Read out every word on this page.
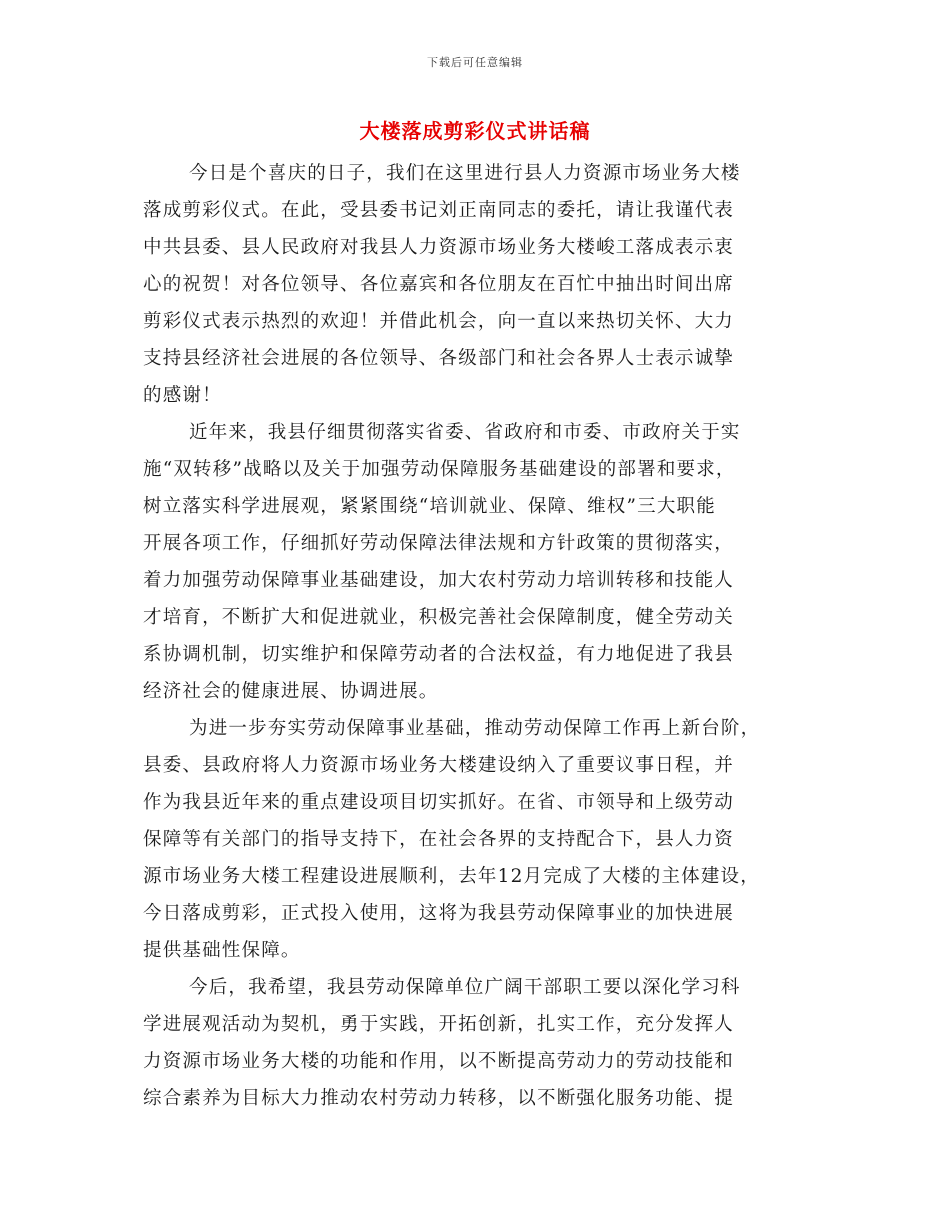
下载后可任意编辑
大楼落成剪彩仪式讲话稿
今日是个喜庆的日子，我们在这里进行县人力资源市场业务大楼
落成剪彩仪式。在此，受县委书记刘正南同志的委托，请让我谨代表
中共县委、县人民政府对我县人力资源市场业务大楼峻工落成表示衷
心的祝贺！对各位领导、各位嘉宾和各位朋友在百忙中抽出时间出席
剪彩仪式表示热烈的欢迎！并借此机会，向一直以来热切关怀、大力
支持县经济社会进展的各位领导、各级部门和社会各界人士表示诚挚
的感谢！
近年来，我县仔细贯彻落实省委、省政府和市委、市政府关于实
施“双转移”战略以及关于加强劳动保障服务基础建设的部署和要求，
树立落实科学进展观，紧紧围绕“培训就业、保障、维权”三大职能
开展各项工作，仔细抓好劳动保障法律法规和方针政策的贯彻落实，
着力加强劳动保障事业基础建设，加大农村劳动力培训转移和技能人
才培育，不断扩大和促进就业，积极完善社会保障制度，健全劳动关
系协调机制，切实维护和保障劳动者的合法权益，有力地促进了我县
经济社会的健康进展、协调进展。
为进一步夯实劳动保障事业基础，推动劳动保障工作再上新台阶，
县委、县政府将人力资源市场业务大楼建设纳入了重要议事日程，并
作为我县近年来的重点建设项目切实抓好。在省、市领导和上级劳动
保障等有关部门的指导支持下，在社会各界的支持配合下，县人力资
源市场业务大楼工程建设进展顺利，去年12月完成了大楼的主体建设，
今日落成剪彩，正式投入使用，这将为我县劳动保障事业的加快进展
提供基础性保障。
今后，我希望，我县劳动保障单位广阔干部职工要以深化学习科
学进展观活动为契机，勇于实践，开拓创新，扎实工作，充分发挥人
力资源市场业务大楼的功能和作用，以不断提高劳动力的劳动技能和
综合素养为目标大力推动农村劳动力转移，以不断强化服务功能、提
